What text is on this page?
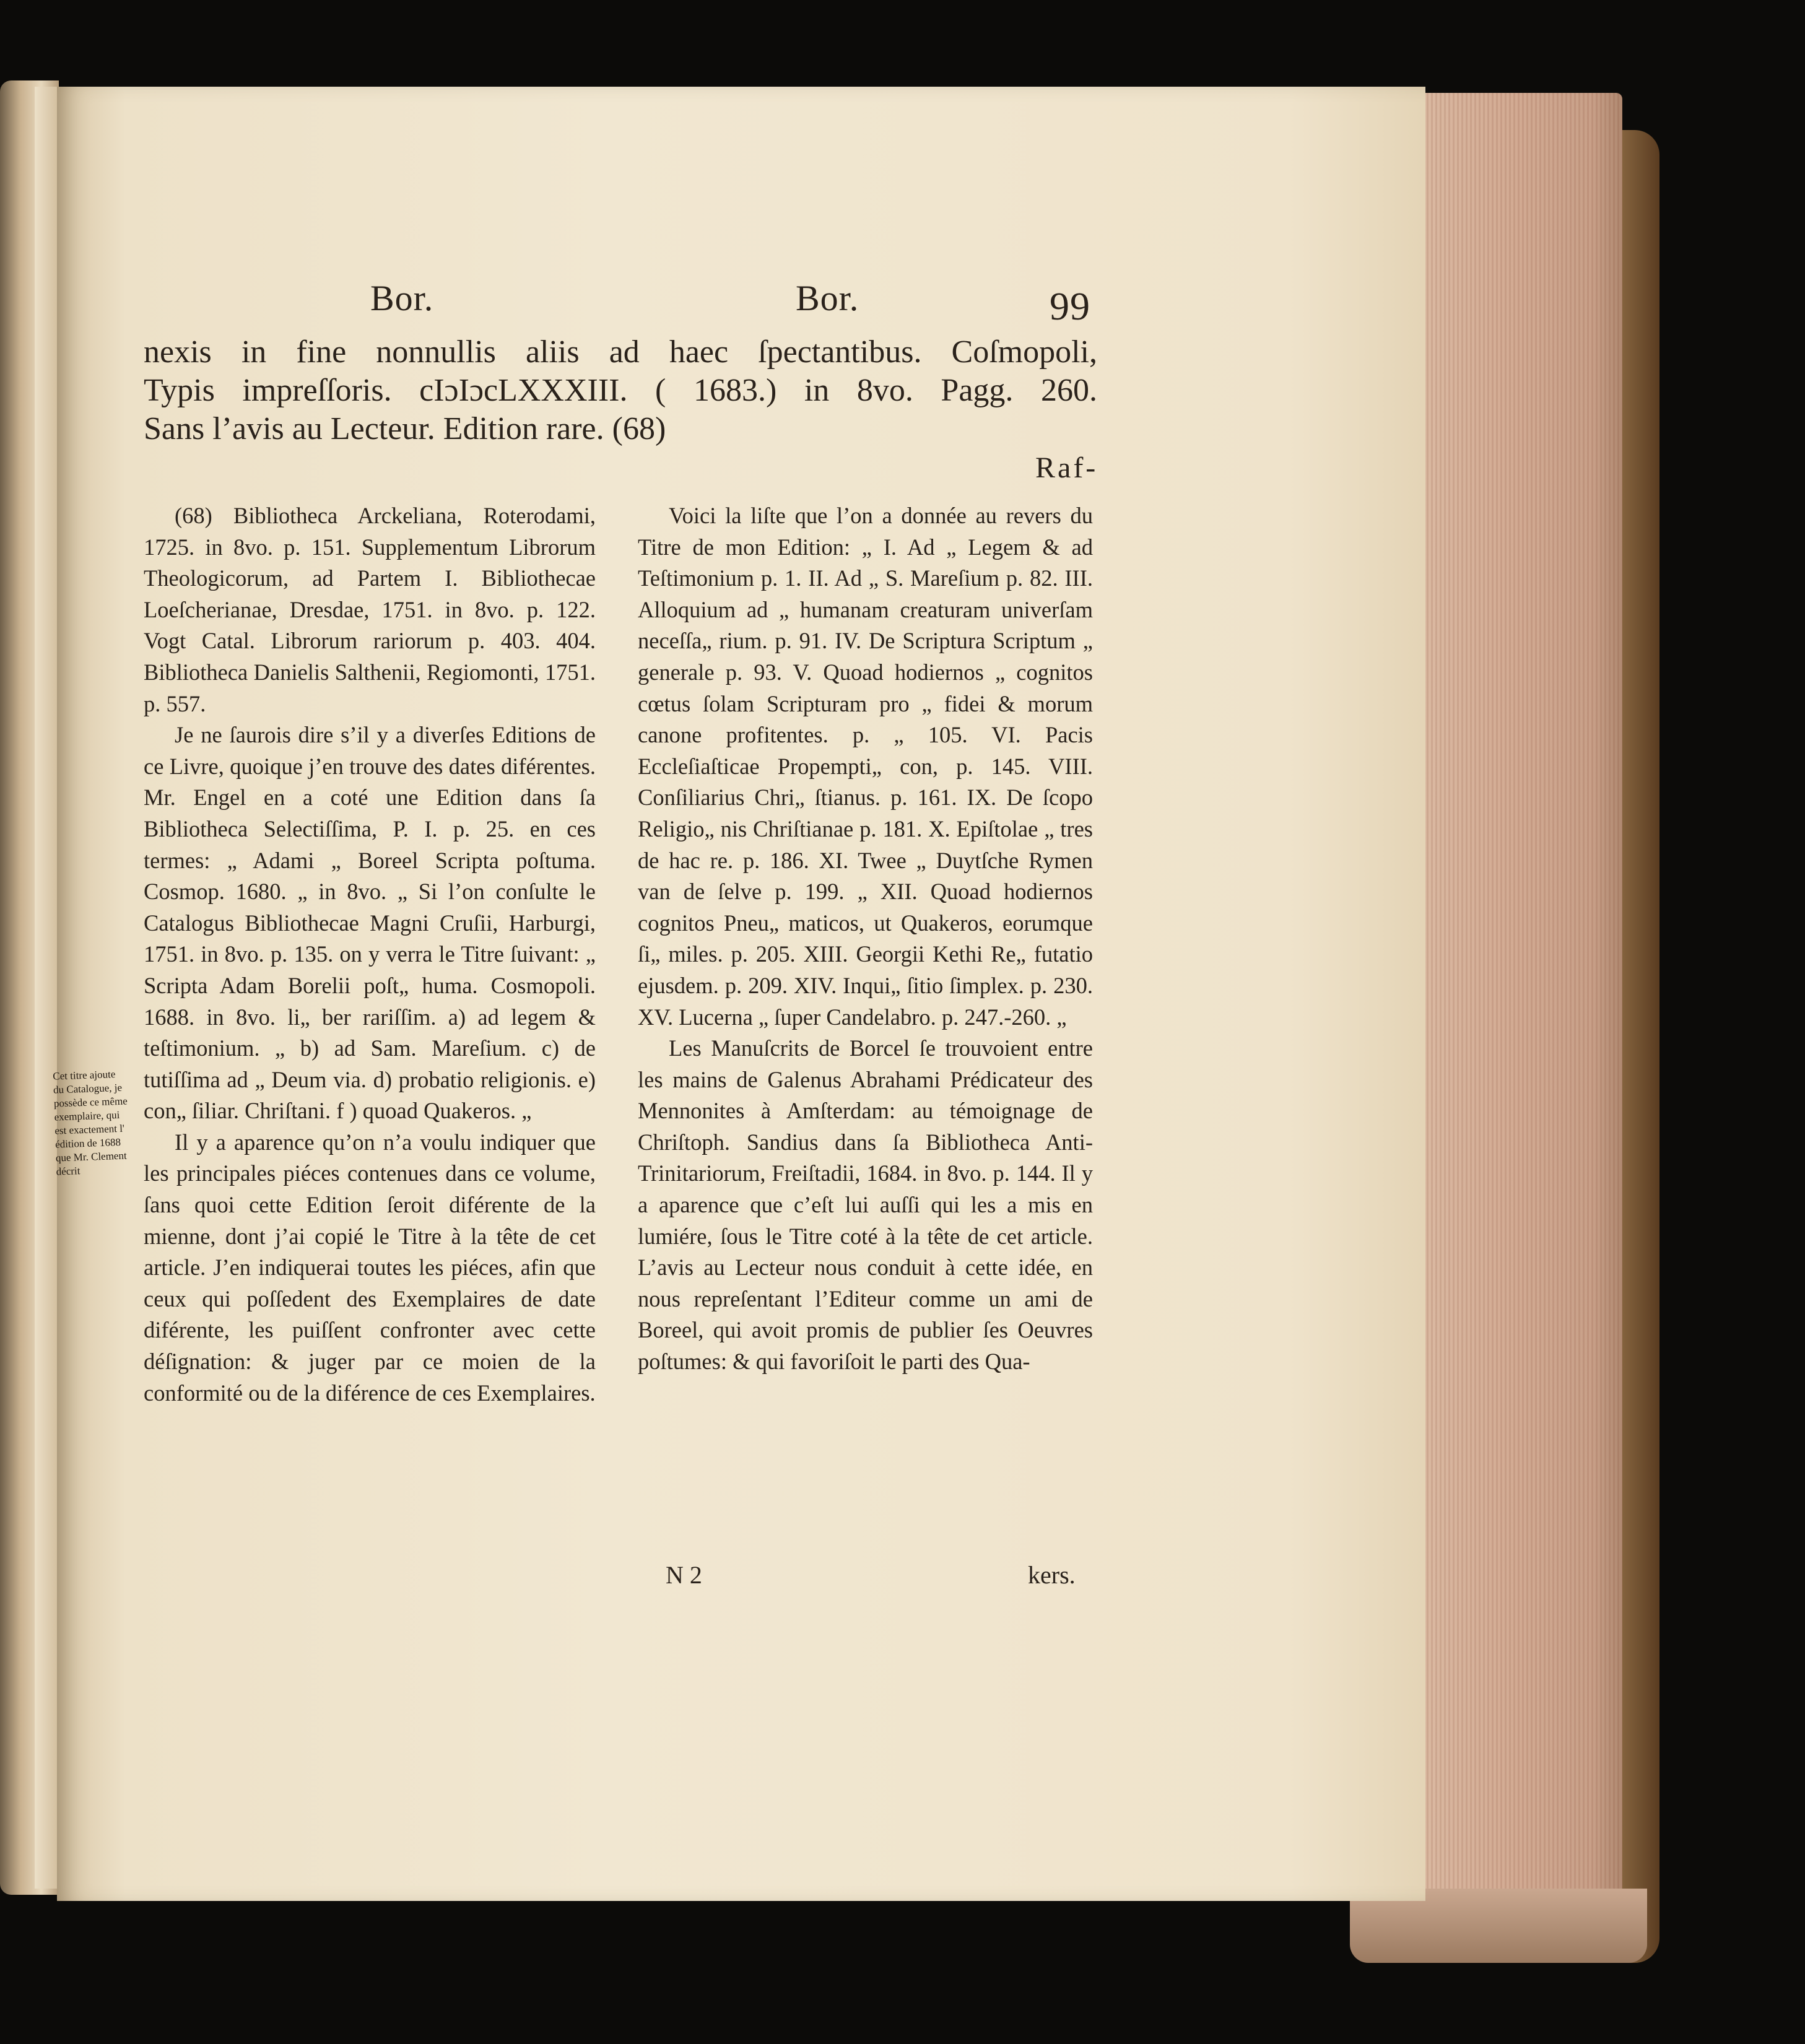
Bor.	Bor.	99
nexis in fine nonnullis aliis ad haec ſpectantibus. Coſmopoli,
Typis impreſſoris. cIɔIɔcLXXXIII. ( 1683.) in 8vo. Pagg. 260.
Sans l’avis au Lecteur. Edition rare. (68)
Raf-

(68) Bibliotheca Arckeliana, Roterodami, 1725. in 8vo. p. 151. Supplementum Librorum Theologicorum, ad Partem I. Bibliothecae Loeſcherianae, Dresdae, 1751. in 8vo. p. 122. Vogt Catal. Librorum rariorum p. 403. 404. Bibliotheca Danielis Salthenii, Regiomonti, 1751. p. 557.

Je ne ſaurois dire s’il y a diverſes Editions de ce Livre, quoique j’en trouve des dates diférentes. Mr. Engel en a coté une Edition dans ſa Bibliotheca Selectiſſima, P. I. p. 25. en ces termes: „ Adami „ Boreel Scripta poſtuma. Cosmop. 1680. „ in 8vo. „ Si l’on conſulte le Catalogus Bibliothecae Magni Cruſii, Harburgi, 1751. in 8vo. p. 135. on y verra le Titre ſuivant: „ Scripta Adam Borelii poſt„ huma. Cosmopoli. 1688. in 8vo. li„ ber rariſſim. a) ad legem & teſtimonium. „ b) ad Sam. Mareſium. c) de tutiſſima ad „ Deum via. d) probatio religionis. e) con„ ſiliar. Chriſtani. f ) quoad Quakeros. „

Il y a aparence qu’on n’a voulu indiquer que les principales piéces contenues dans ce volume, ſans quoi cette Edition ſeroit diférente de la mienne, dont j’ai copié le Titre à la tête de cet article. J’en indiquerai toutes les piéces, afin que ceux qui poſſedent des Exemplaires de date diférente, les puiſſent confronter avec cette déſignation: & juger par ce moien de la conformité ou de la diférence de ces Exemplaires.

Voici la liſte que l’on a donnée au revers du Titre de mon Edition: „ I. Ad „ Legem & ad Teſtimonium p. 1. II. Ad „ S. Mareſium p. 82. III. Alloquium ad „ humanam creaturam univerſam neceſſa„ rium. p. 91. IV. De Scriptura Scriptum „ generale p. 93. V. Quoad hodiernos „ cognitos cœtus ſolam Scripturam pro „ fidei & morum canone profitentes. p. „ 105. VI. Pacis Eccleſiaſticae Propempti„ con, p. 145. VIII. Conſiliarius Chri„ ſtianus. p. 161. IX. De ſcopo Religio„ nis Chriſtianae p. 181. X. Epiſtolae „ tres de hac re. p. 186. XI. Twee „ Duytſche Rymen van de ſelve p. 199. „ XII. Quoad hodiernos cognitos Pneu„ maticos, ut Quakeros, eorumque ſi„ miles. p. 205. XIII. Georgii Kethi Re„ futatio ejusdem. p. 209. XIV. Inqui„ ſitio ſimplex. p. 230. XV. Lucerna „ ſuper Candelabro. p. 247.-260. „

Les Manuſcrits de Borcel ſe trouvoient entre les mains de Galenus Abrahami Prédicateur des Mennonites à Amſterdam: au témoignage de Chriſtoph. Sandius dans ſa Bibliotheca Anti-Trinitariorum, Freiſtadii, 1684. in 8vo. p. 144. Il y a aparence que c’eſt lui auſſi qui les a mis en lumiére, ſous le Titre coté à la tête de cet article. L’avis au Lecteur nous conduit à cette idée, en nous repreſentant l’Editeur comme un ami de Boreel, qui avoit promis de publier ſes Oeuvres poſtumes: & qui favoriſoit le parti des Qua-

N 2	kers.
Cet titre ajoute
du Catalogue, je
possède ce même
exemplaire, qui
est exactement l'
édition de 1688
que Mr. Clement
décrit
